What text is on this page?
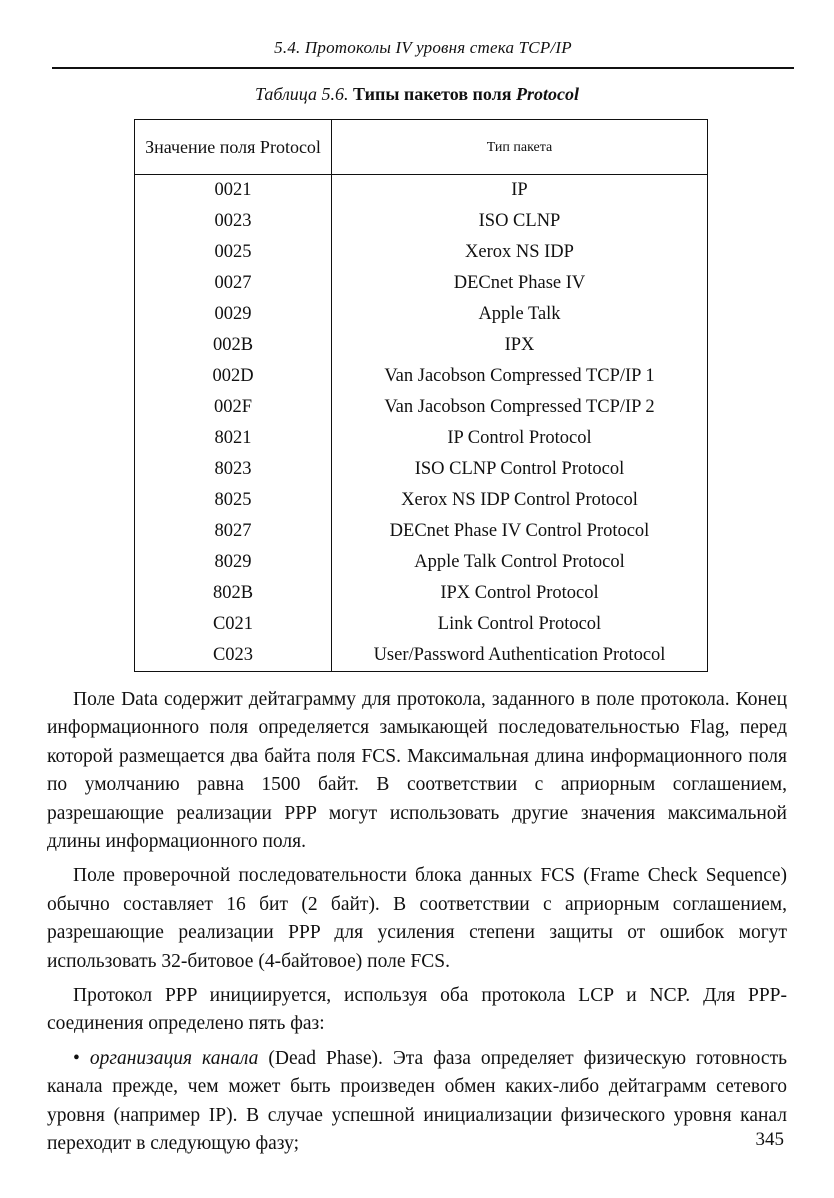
5.4. Протоколы IV уровня стека TCP/IP
Таблица 5.6. Типы пакетов поля Protocol
Значение поля Protocol	Тип пакета
0021	IP
0023	ISO CLNP
0025	Xerox NS IDP
0027	DECnet Phase IV
0029	Apple Talk
002B	IPX
002D	Van Jacobson Compressed TCP/IP 1
002F	Van Jacobson Compressed TCP/IP 2
8021	IP Control Protocol
8023	ISO CLNP Control Protocol
8025	Xerox NS IDP Control Protocol
8027	DECnet Phase IV Control Protocol
8029	Apple Talk Control Protocol
802B	IPX Control Protocol
C021	Link Control Protocol
C023	User/Password Authentication Protocol

Поле Data содержит дейтаграмму для протокола, заданного в поле протокола. Конец информационного поля определяется замыкающей последовательностью Flag, перед которой размещается два байта поля FCS. Максимальная длина информационного поля по умолчанию равна 1500 байт. В соответствии с априорным соглашением, разрешающие реализации PPP могут использовать другие значения максимальной длины информационного поля.

Поле проверочной последовательности блока данных FCS (Frame Check Sequence) обычно составляет 16 бит (2 байт). В соответствии с априорным соглашением, разрешающие реализации PPP для усиления степени защиты от ошибок могут использовать 32-битовое (4-байтовое) поле FCS.

Протокол PPP инициируется, используя оба протокола LCP и NCP. Для PPP-соединения определено пять фаз:

• организация канала (Dead Phase). Эта фаза определяет физическую готовность канала прежде, чем может быть произведен обмен каких-либо дейтаграмм сетевого уровня (например IP). В случае успешной инициализации физического уровня канал переходит в следующую фазу;	345
